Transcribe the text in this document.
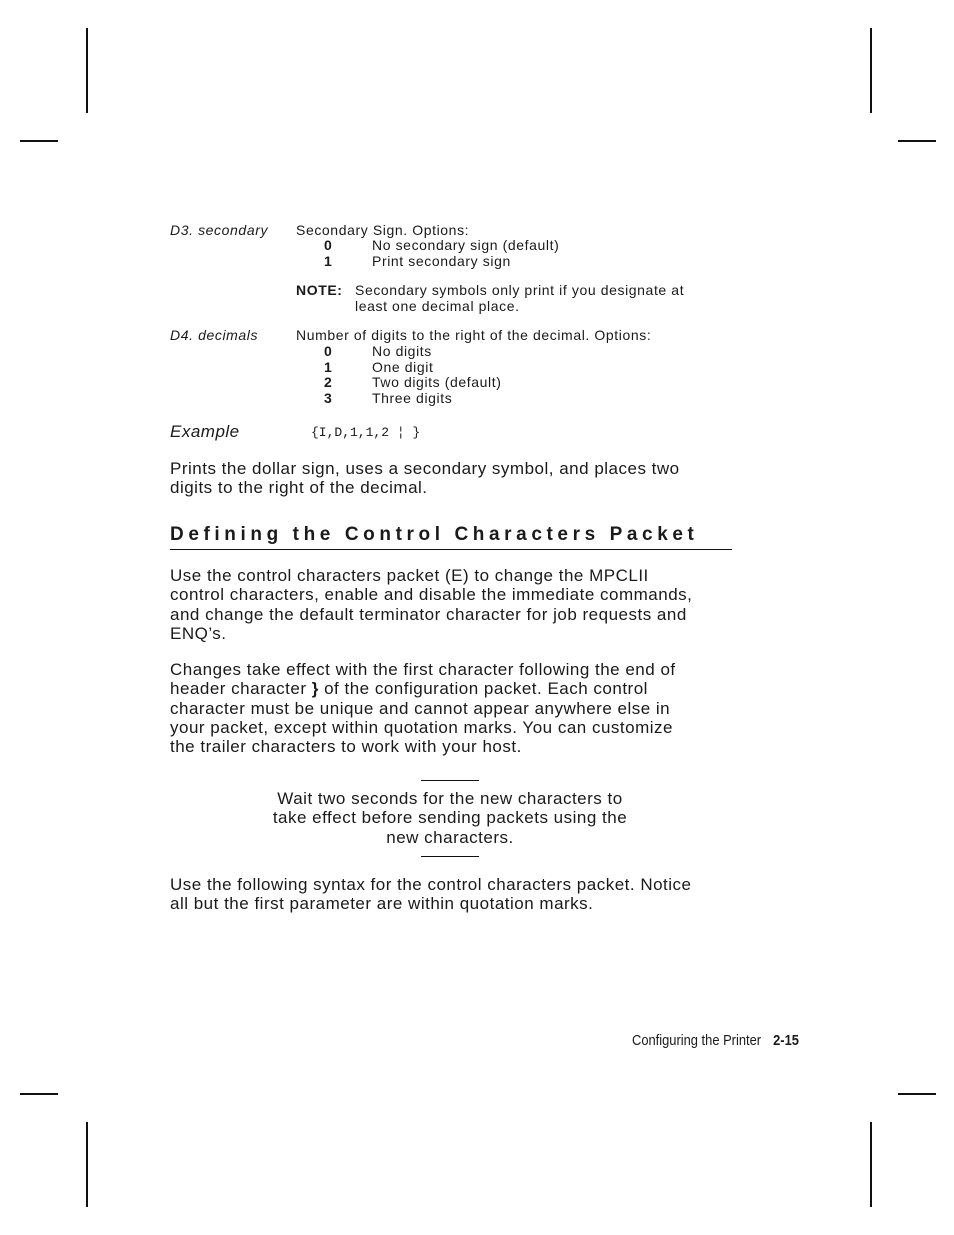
D3. secondary Secondary Sign. Options:
0	No secondary sign (default)
1	Print secondary sign
NOTE: Secondary symbols only print if you designate at
least one decimal place.
D4. decimals	Number of digits to the right of the decimal. Options:
0	No digits
1	One digit
2	Two digits (default)
3	Three digits
Example	{I,D,1,1,2 ¦ }
Prints the dollar sign, uses a secondary symbol, and places two
digits to the right of the decimal.
Defining the Control Characters Packet
Use the control characters packet (E) to change the MPCLII
control characters, enable and disable the immediate commands,
and change the default terminator character for job requests and
ENQ’s.
Changes take effect with the first character following the end of
header character } of the configuration packet. Each control
character must be unique and cannot appear anywhere else in
your packet, except within quotation marks. You can customize
the trailer characters to work with your host.
Wait two seconds for the new characters to
take effect before sending packets using the
new characters.
Use the following syntax for the control characters packet. Notice
all but the first parameter are within quotation marks.
Configuring the Printer 2-15
